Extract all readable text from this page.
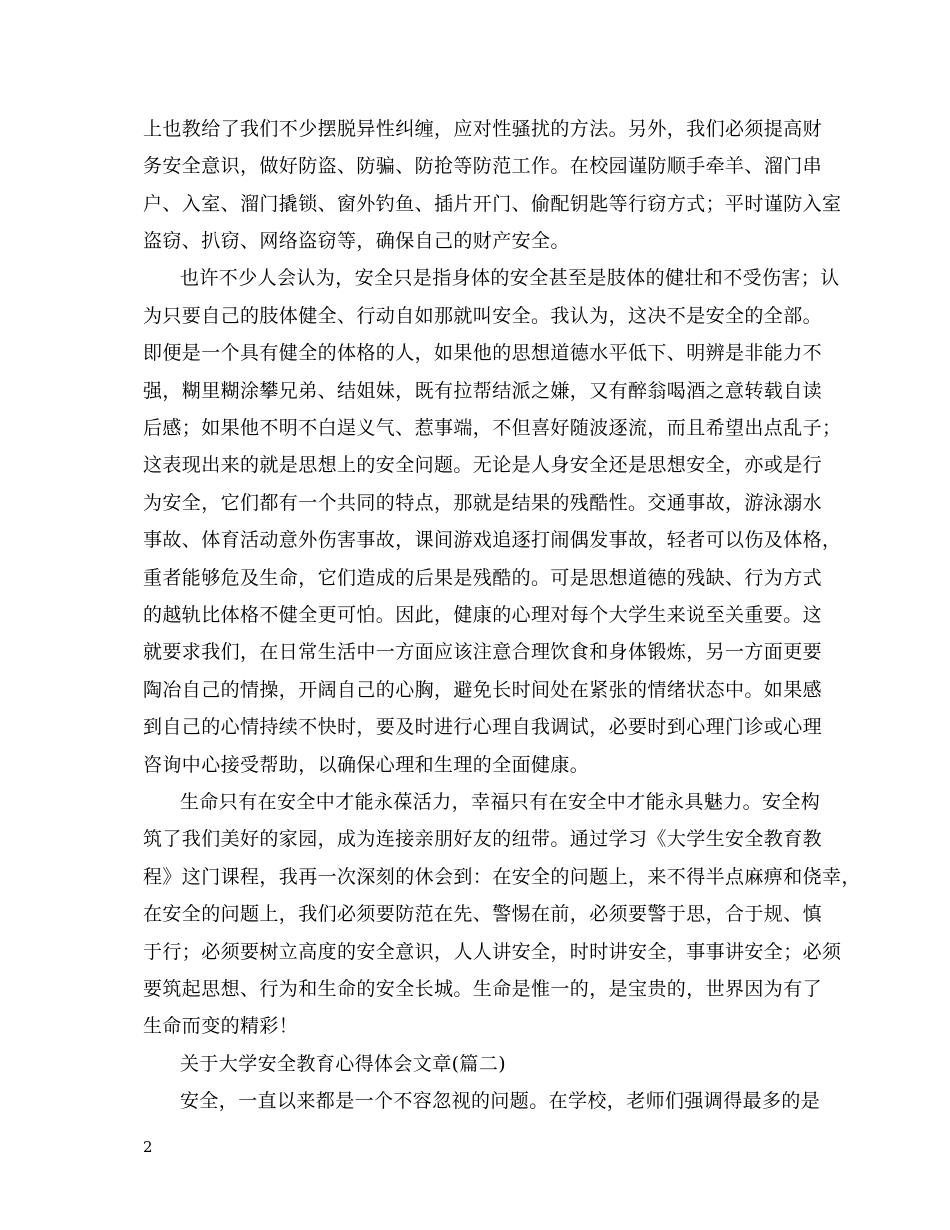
上也教给了我们不少摆脱异性纠缠，应对性骚扰的方法。另外，我们必须提高财
务安全意识，做好防盗、防骗、防抢等防范工作。在校园谨防顺手牵羊、溜门串
户、入室、溜门撬锁、窗外钓鱼、插片开门、偷配钥匙等行窃方式；平时谨防入室
盗窃、扒窃、网络盗窃等，确保自己的财产安全。
也许不少人会认为，安全只是指身体的安全甚至是肢体的健壮和不受伤害；认
为只要自己的肢体健全、行动自如那就叫安全。我认为，这决不是安全的全部。
即便是一个具有健全的体格的人，如果他的思想道德水平低下、明辨是非能力不
强，糊里糊涂攀兄弟、结姐妹，既有拉帮结派之嫌，又有醉翁喝酒之意转载自读
后感；如果他不明不白逞义气、惹事端，不但喜好随波逐流，而且希望出点乱子；
这表现出来的就是思想上的安全问题。无论是人身安全还是思想安全，亦或是行
为安全，它们都有一个共同的特点，那就是结果的残酷性。交通事故，游泳溺水
事故、体育活动意外伤害事故，课间游戏追逐打闹偶发事故，轻者可以伤及体格，
重者能够危及生命，它们造成的后果是残酷的。可是思想道德的残缺、行为方式
的越轨比体格不健全更可怕。因此，健康的心理对每个大学生来说至关重要。这
就要求我们，在日常生活中一方面应该注意合理饮食和身体锻炼，另一方面更要
陶冶自己的情操，开阔自己的心胸，避免长时间处在紧张的情绪状态中。如果感
到自己的心情持续不快时，要及时进行心理自我调试，必要时到心理门诊或心理
咨询中心接受帮助，以确保心理和生理的全面健康。
生命只有在安全中才能永葆活力，幸福只有在安全中才能永具魅力。安全构
筑了我们美好的家园，成为连接亲朋好友的纽带。通过学习《大学生安全教育教
程》这门课程，我再一次深刻的休会到：在安全的问题上，来不得半点麻痹和侥幸，
在安全的问题上，我们必须要防范在先、警惕在前，必须要警于思，合于规、慎
于行；必须要树立高度的安全意识，人人讲安全，时时讲安全，事事讲安全；必须
要筑起思想、行为和生命的安全长城。生命是惟一的，是宝贵的，世界因为有了
生命而变的精彩！
关于大学安全教育心得体会文章(篇二)
安全，一直以来都是一个不容忽视的问题。在学校，老师们强调得最多的是
2
